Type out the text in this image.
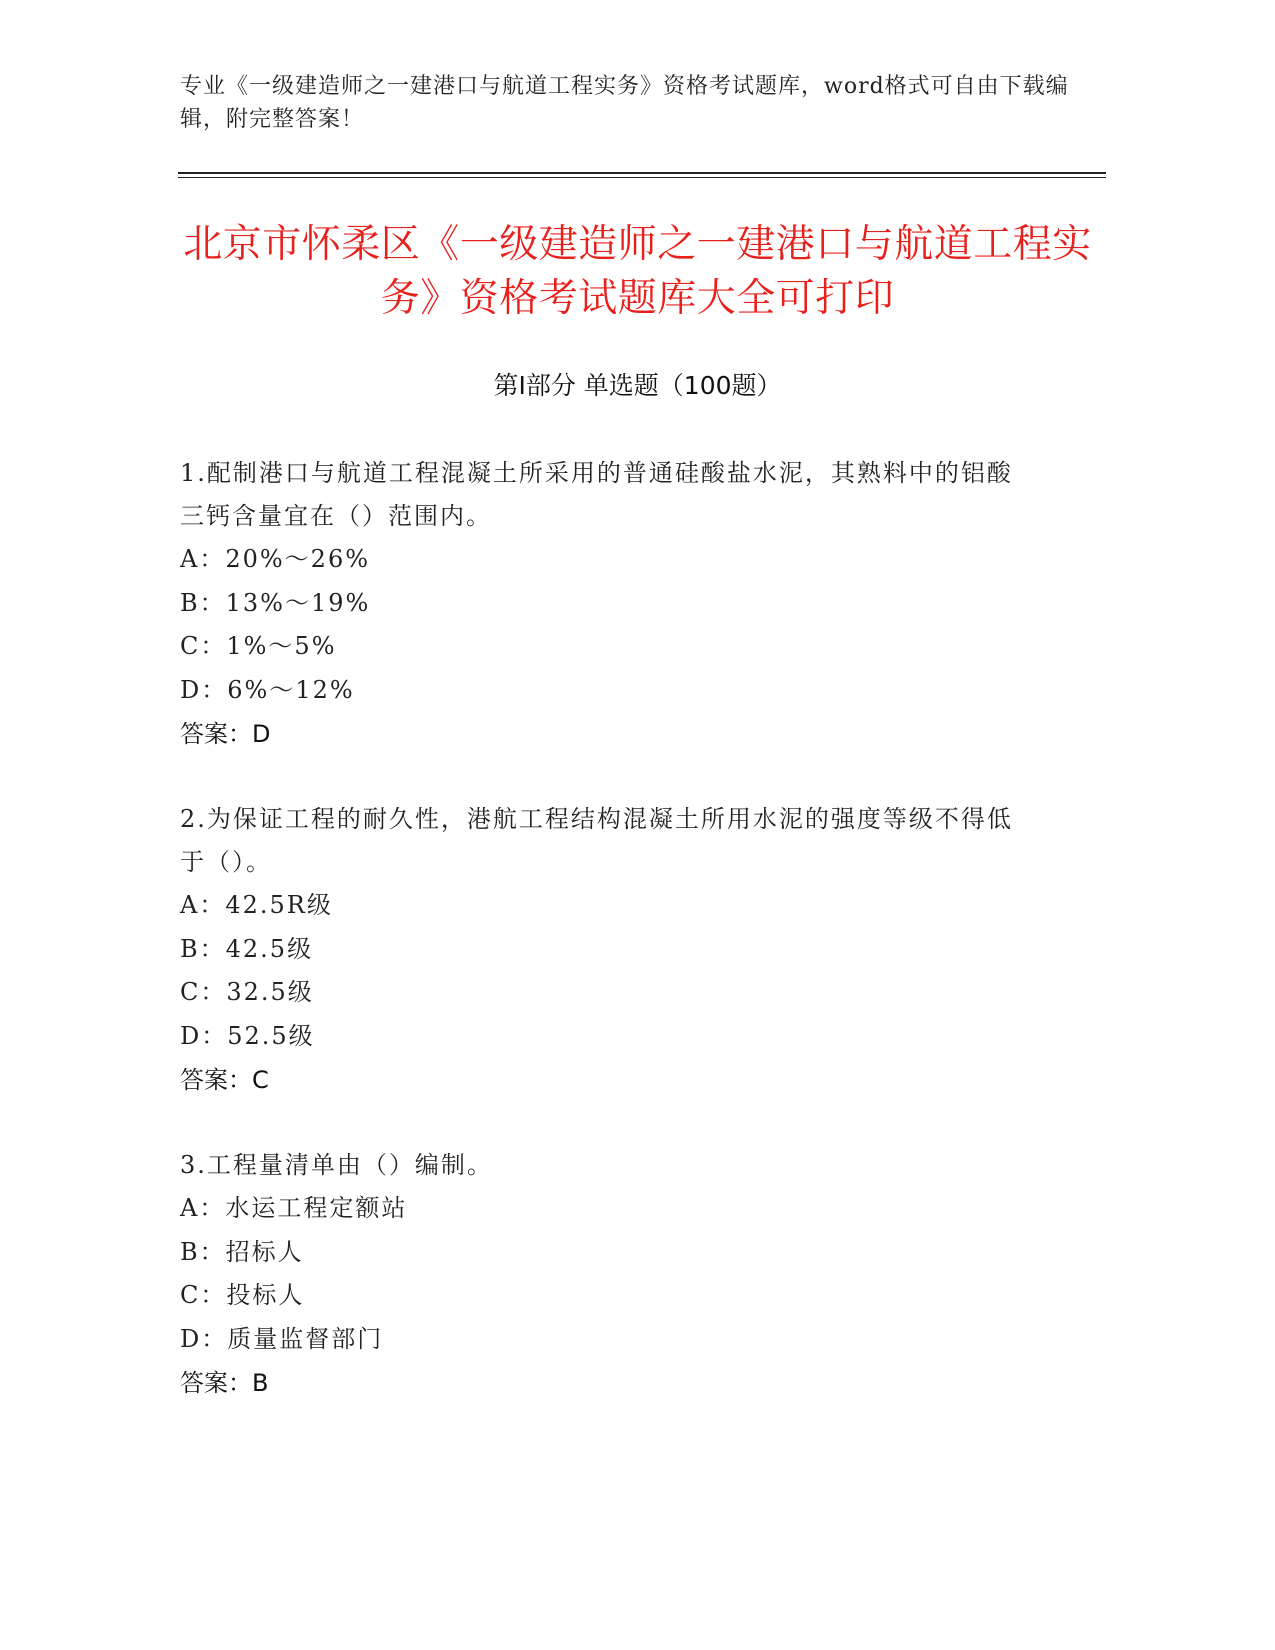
专业《一级建造师之一建港口与航道工程实务》资格考试题库，word格式可自由下载编辑，附完整答案！
北京市怀柔区《一级建造师之一建港口与航道工程实务》资格考试题库大全可打印
第Ⅰ部分 单选题（100题）
1.配制港口与航道工程混凝土所采用的普通硅酸盐水泥，其熟料中的铝酸三钙含量宜在（）范围内。
A：20%～26%
B：13%～19%
C：1%～5%
D：6%～12%
答案：D
2.为保证工程的耐久性，港航工程结构混凝土所用水泥的强度等级不得低于（）。
A：42.5R级
B：42.5级
C：32.5级
D：52.5级
答案：C
3.工程量清单由（）编制。
A：水运工程定额站
B：招标人
C：投标人
D：质量监督部门
答案：B
